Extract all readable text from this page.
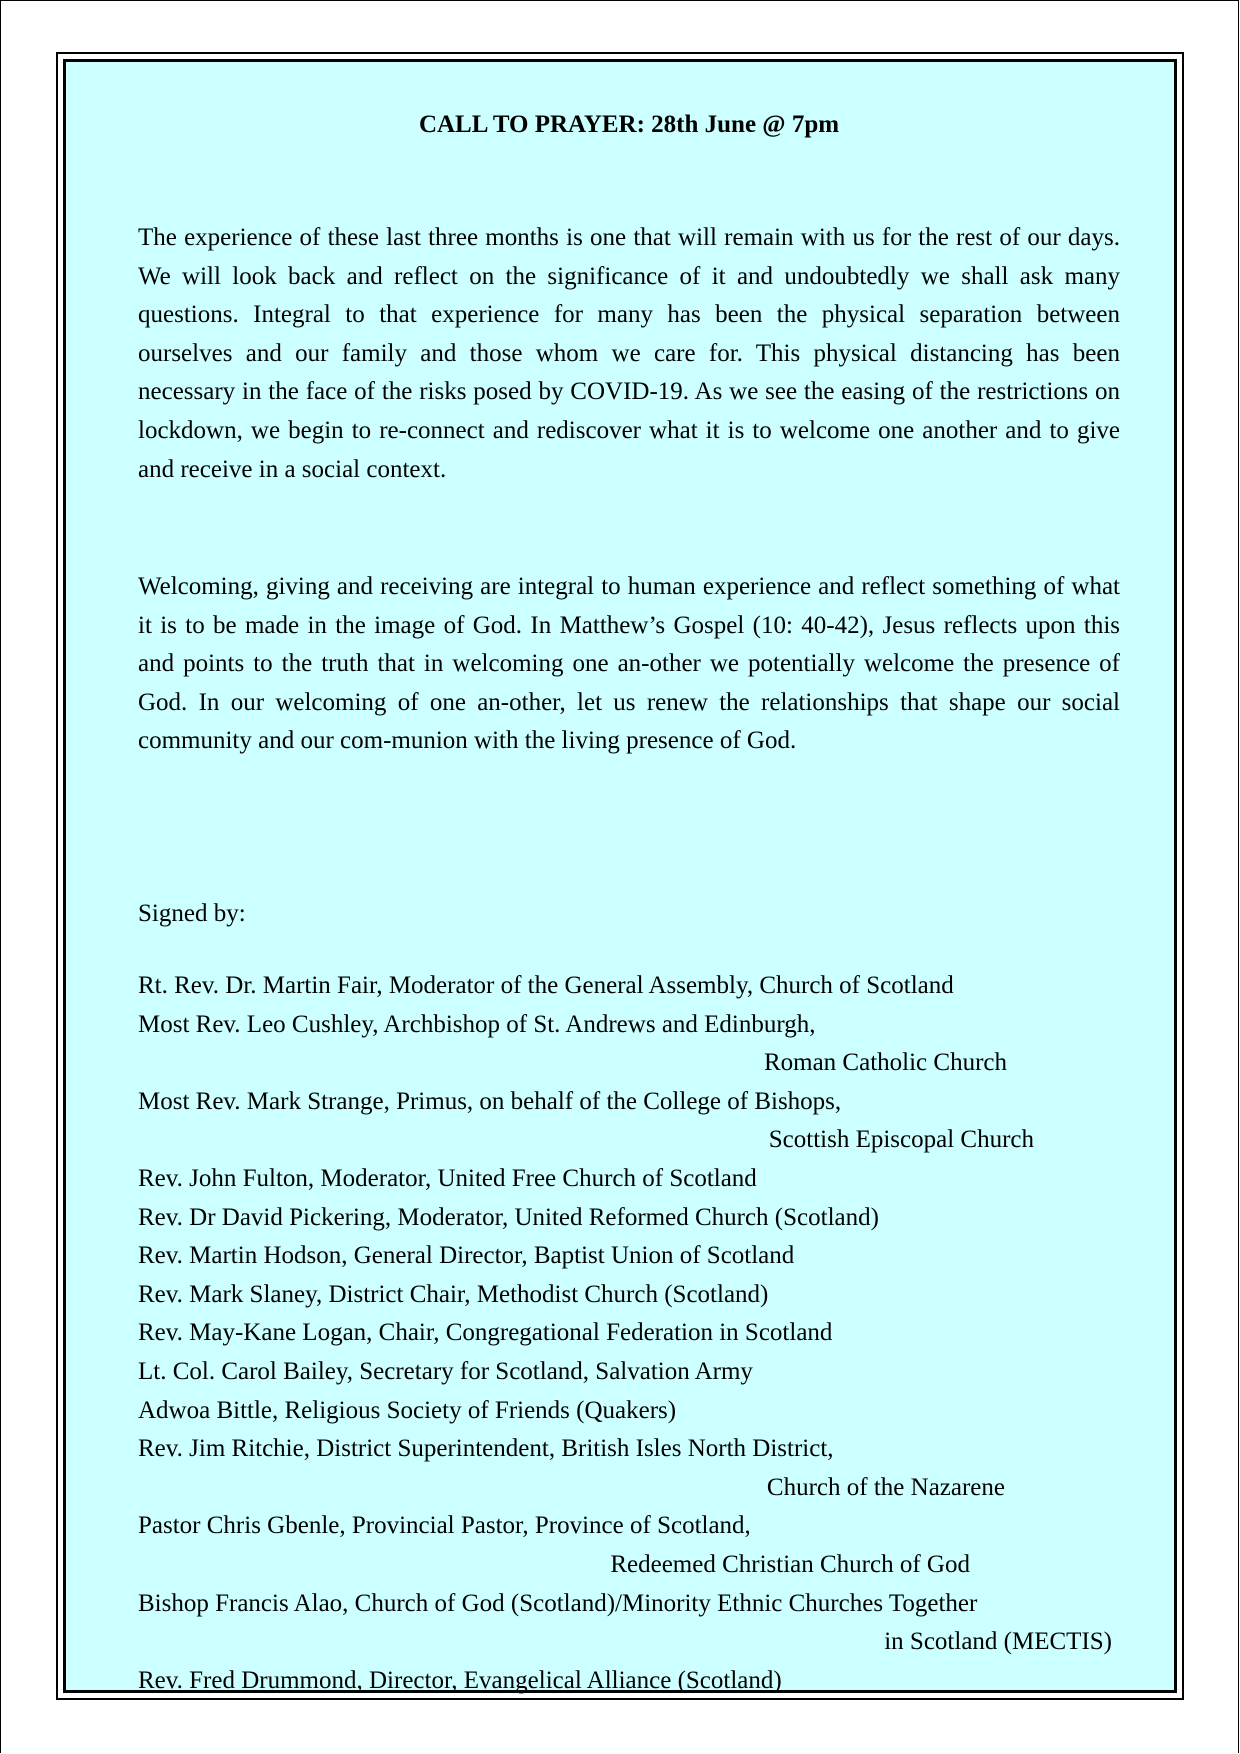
CALL TO PRAYER: 28th June @ 7pm
The experience of these last three months is one that will remain with us for the rest of our days. We will look back and reflect on the significance of it and undoubtedly we shall ask many questions. Integral to that experience for many has been the physical separation between ourselves and our family and those whom we care for. This physical distancing has been necessary in the face of the risks posed by COVID-19. As we see the easing of the restrictions on lockdown, we begin to re-connect and rediscover what it is to welcome one another and to give and receive in a social context.
Welcoming, giving and receiving are integral to human experience and reflect something of what it is to be made in the image of God. In Matthew’s Gospel (10: 40-42), Jesus reflects upon this and points to the truth that in welcoming one an-other we potentially welcome the presence of God. In our welcoming of one an-other, let us renew the relationships that shape our social community and our com-munion with the living presence of God.
Signed by:
Rt. Rev. Dr. Martin Fair, Moderator of the General Assembly, Church of Scotland
Most Rev. Leo Cushley, Archbishop of St. Andrews and Edinburgh,
Roman Catholic Church
Most Rev. Mark Strange, Primus, on behalf of the College of Bishops,
Scottish Episcopal Church
Rev. John Fulton, Moderator, United Free Church of Scotland
Rev. Dr David Pickering, Moderator, United Reformed Church (Scotland)
Rev. Martin Hodson, General Director, Baptist Union of Scotland
Rev. Mark Slaney, District Chair, Methodist Church (Scotland)
Rev. May-Kane Logan, Chair, Congregational Federation in Scotland
Lt. Col. Carol Bailey, Secretary for Scotland, Salvation Army
Adwoa Bittle, Religious Society of Friends (Quakers)
Rev. Jim Ritchie, District Superintendent, British Isles North District,
Church of the Nazarene
Pastor Chris Gbenle, Provincial Pastor, Province of Scotland,
Redeemed Christian Church of God
Bishop Francis Alao, Church of God (Scotland)/Minority Ethnic Churches Together
in Scotland (MECTIS)
Rev. Fred Drummond, Director, Evangelical Alliance (Scotland)
